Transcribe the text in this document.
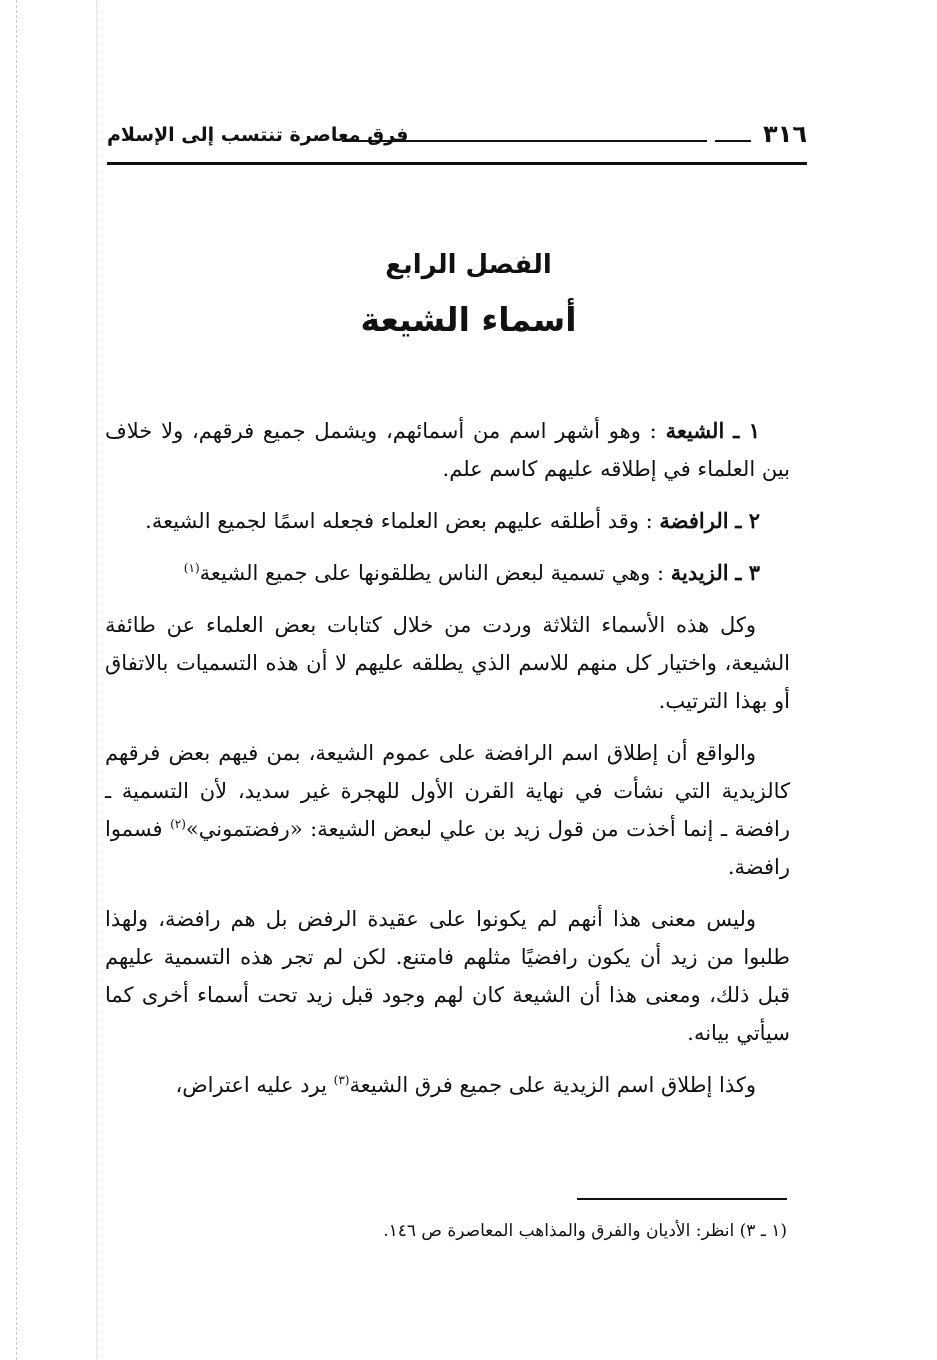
٣١٦
فرق معاصرة تنتسب إلى الإسلام
الفصل الرابع
أسماء الشيعة

١ ـ الشيعة : وهو أشهر اسم من أسمائهم، ويشمل جميع فرقهم، ولا خلاف بين العلماء في إطلاقه عليهم كاسم علم.

٢ ـ الرافضة : وقد أطلقه عليهم بعض العلماء فجعله اسمًا لجميع الشيعة.

٣ ـ الزيدية : وهي تسمية لبعض الناس يطلقونها على جميع الشيعة$^{(١)}$

وكل هذه الأسماء الثلاثة وردت من خلال كتابات بعض العلماء عن طائفة الشيعة، واختيار كل منهم للاسم الذي يطلقه عليهم لا أن هذه التسميات بالاتفاق أو بهذا الترتيب.

والواقع أن إطلاق اسم الرافضة على عموم الشيعة، بمن فيهم بعض فرقهم كالزيدية التي نشأت في نهاية القرن الأول للهجرة غير سديد، لأن التسمية ـ رافضة ـ إنما أخذت من قول زيد بن علي لبعض الشيعة: «رفضتموني»$^{(٢)}$ فسموا رافضة.

وليس معنى هذا أنهم لم يكونوا على عقيدة الرفض بل هم رافضة، ولهذا طلبوا من زيد أن يكون رافضيًا مثلهم فامتنع. لكن لم تجر هذه التسمية عليهم قبل ذلك، ومعنى هذا أن الشيعة كان لهم وجود قبل زيد تحت أسماء أخرى كما سيأتي بيانه.

وكذا إطلاق اسم الزيدية على جميع فرق الشيعة$^{(٣)}$ يرد عليه اعتراض،

(١ ـ ٣) انظر: الأديان والفرق والمذاهب المعاصرة ص ١٤٦.
